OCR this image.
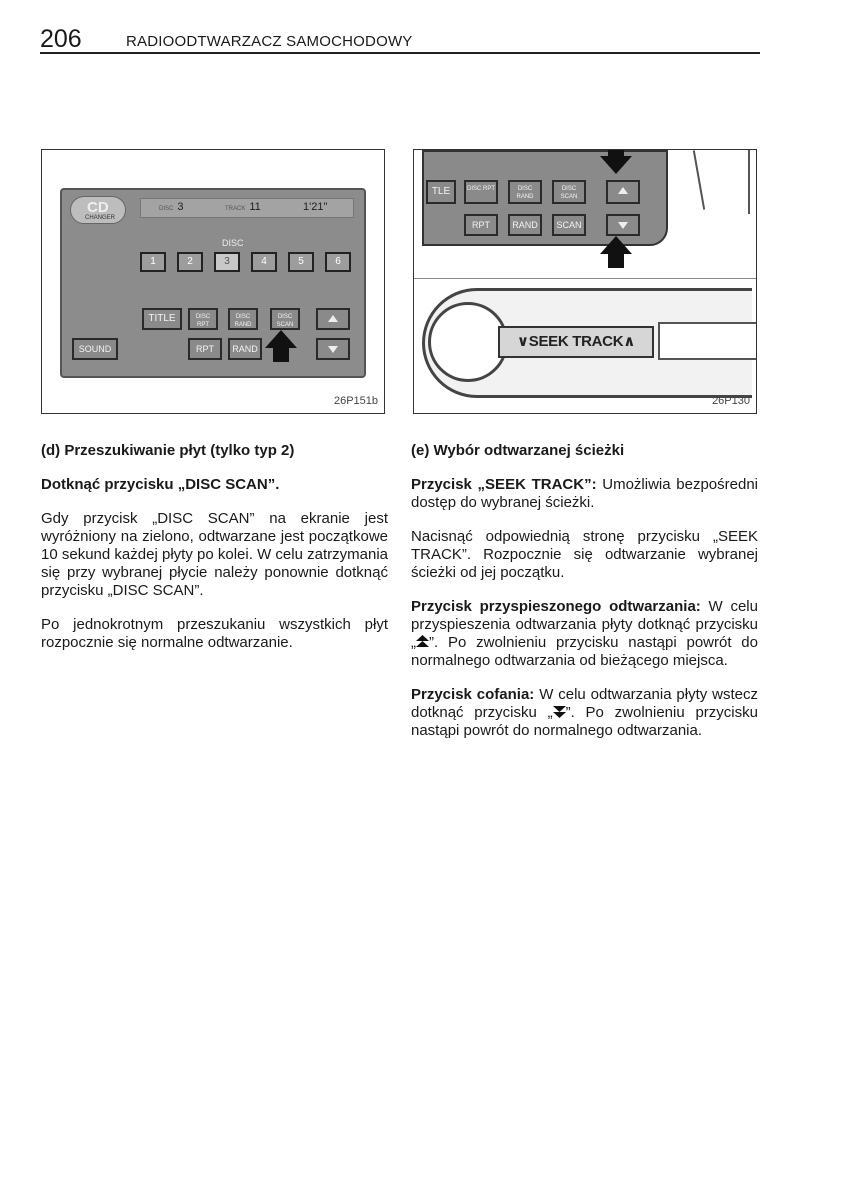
206	RADIOODTWARZACZ SAMOCHODOWY
CD
CHANGER
DISC 3	TRACK 11	1'21"
DISC
1	2	3	4	5	6
TITLE	DISC RPT
DISC RAND
DISC SCAN
SOUND	RPT	RAND
26P151b
TLE	DISC RPT	DISC RAND
DISC SCAN
RPT	RAND	SCAN
∨SEEK TRACK∧
26P130
(d) Przeszukiwanie płyt (tylko typ 2)

Dotknąć przycisku „DISC SCAN”.

Gdy przycisk „DISC SCAN” na ekranie jest wyróżniony na zielono, odtwarzane jest początkowe 10 sekund każdej płyty po kolei. W celu zatrzymania się przy wybranej płycie należy ponownie dotknąć przycisku „DISC SCAN”.

Po jednokrotnym przeszukaniu wszystkich płyt rozpocznie się normalne odtwarzanie.

(e) Wybór odtwarzanej ścieżki

Przycisk „SEEK TRACK”: Umożliwia bezpośredni dostęp do wybranej ścieżki.

Nacisnąć odpowiednią stronę przycisku „SEEK TRACK”. Rozpocznie się odtwarzanie wybranej ścieżki od jej początku.

Przycisk przyspieszonego odtwarzania: W celu przyspieszenia odtwarzania płyty dotknąć przycisku „ ”. Po zwolnieniu przycisku nastąpi powrót do normalnego odtwarzania od bieżącego miejsca.

Przycisk cofania: W celu odtwarzania płyty wstecz dotknąć przycisku „ ”. Po zwolnieniu przycisku nastąpi powrót do normalnego odtwarzania.
